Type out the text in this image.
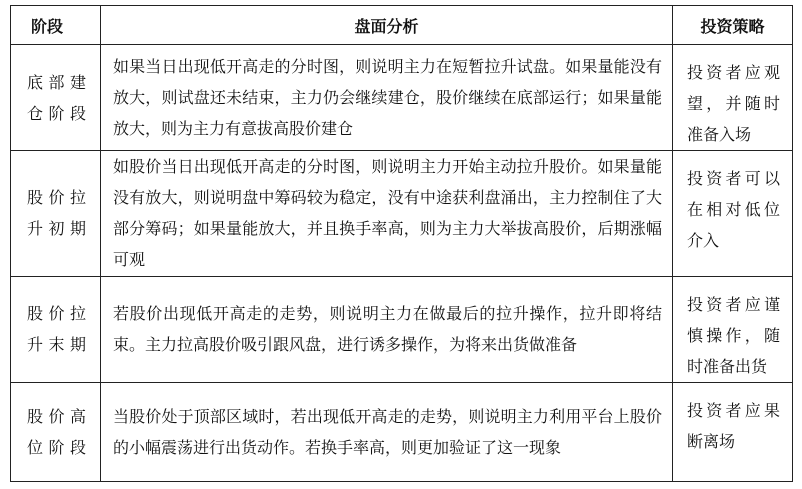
阶段	盘面分析	投资策略
底部建仓阶段	如果当日出现低开高走的分时图，则说明主力在短暂拉升试盘。如果量能没有放大，则试盘还未结束，主力仍会继续建仓，股价继续在底部运行；如果量能放大，则为主力有意拔高股价建仓	投资者应观望，并随时准备入场

股价拉升初期	如股价当日出现低开高走的分时图，则说明主力开始主动拉升股价。如果量能没有放大，则说明盘中筹码较为稳定，没有中途获利盘涌出，主力控制住了大部分筹码；如果量能放大，并且换手率高，则为主力大举拔高股价，后期涨幅可观	投资者可以在相对低位介入

股价拉升末期	若股价出现低开高走的走势，则说明主力在做最后的拉升操作，拉升即将结束。主力拉高股价吸引跟风盘，进行诱多操作，为将来出货做准备	投资者应谨慎操作，随时准备出货

股价高位阶段	当股价处于顶部区域时，若出现低开高走的走势，则说明主力利用平台上股价的小幅震荡进行出货动作。若换手率高，则更加验证了这一现象	投资者应果断离场
